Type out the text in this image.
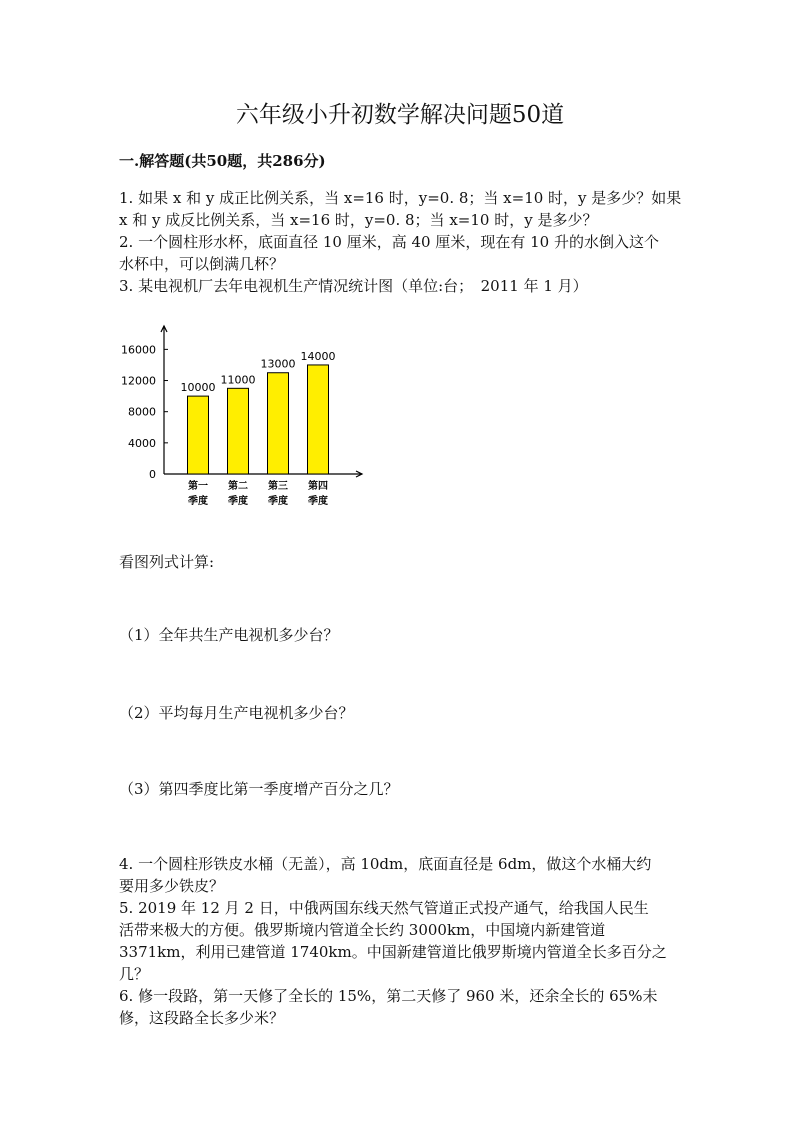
六年级小升初数学解决问题50道
一.解答题(共50题，共286分)
1. 如果 x 和 y 成正比例关系，当 x=16 时，y=0. 8；当 x=10 时，y 是多少？如果
x 和 y 成反比例关系，当 x=16 时，y=0. 8；当 x=10 时，y 是多少？
2. 一个圆柱形水杯，底面直径 10 厘米，高 40 厘米，现在有 10 升的水倒入这个
水杯中，可以倒满几杯？
3. 某电视机厂去年电视机生产情况统计图（单位:台；　2011 年 1 月）
0
4000
8000
12000
16000
10000
第一
季度
11000
第二
季度
13000
第三
季度
14000
第四
季度
看图列式计算:
（1）全年共生产电视机多少台？
（2）平均每月生产电视机多少台？
（3）第四季度比第一季度增产百分之几？
4. 一个圆柱形铁皮水桶（无盖），高 10dm，底面直径是 6dm，做这个水桶大约
要用多少铁皮？
5. 2019 年 12 月 2 日，中俄两国东线天然气管道正式投产通气，给我国人民生
活带来极大的方便。俄罗斯境内管道全长约 3000km，中国境内新建管道
3371km，利用已建管道 1740km。中国新建管道比俄罗斯境内管道全长多百分之
几？
6. 修一段路，第一天修了全长的 15%，第二天修了 960 米，还余全长的 65%未
修，这段路全长多少米？
